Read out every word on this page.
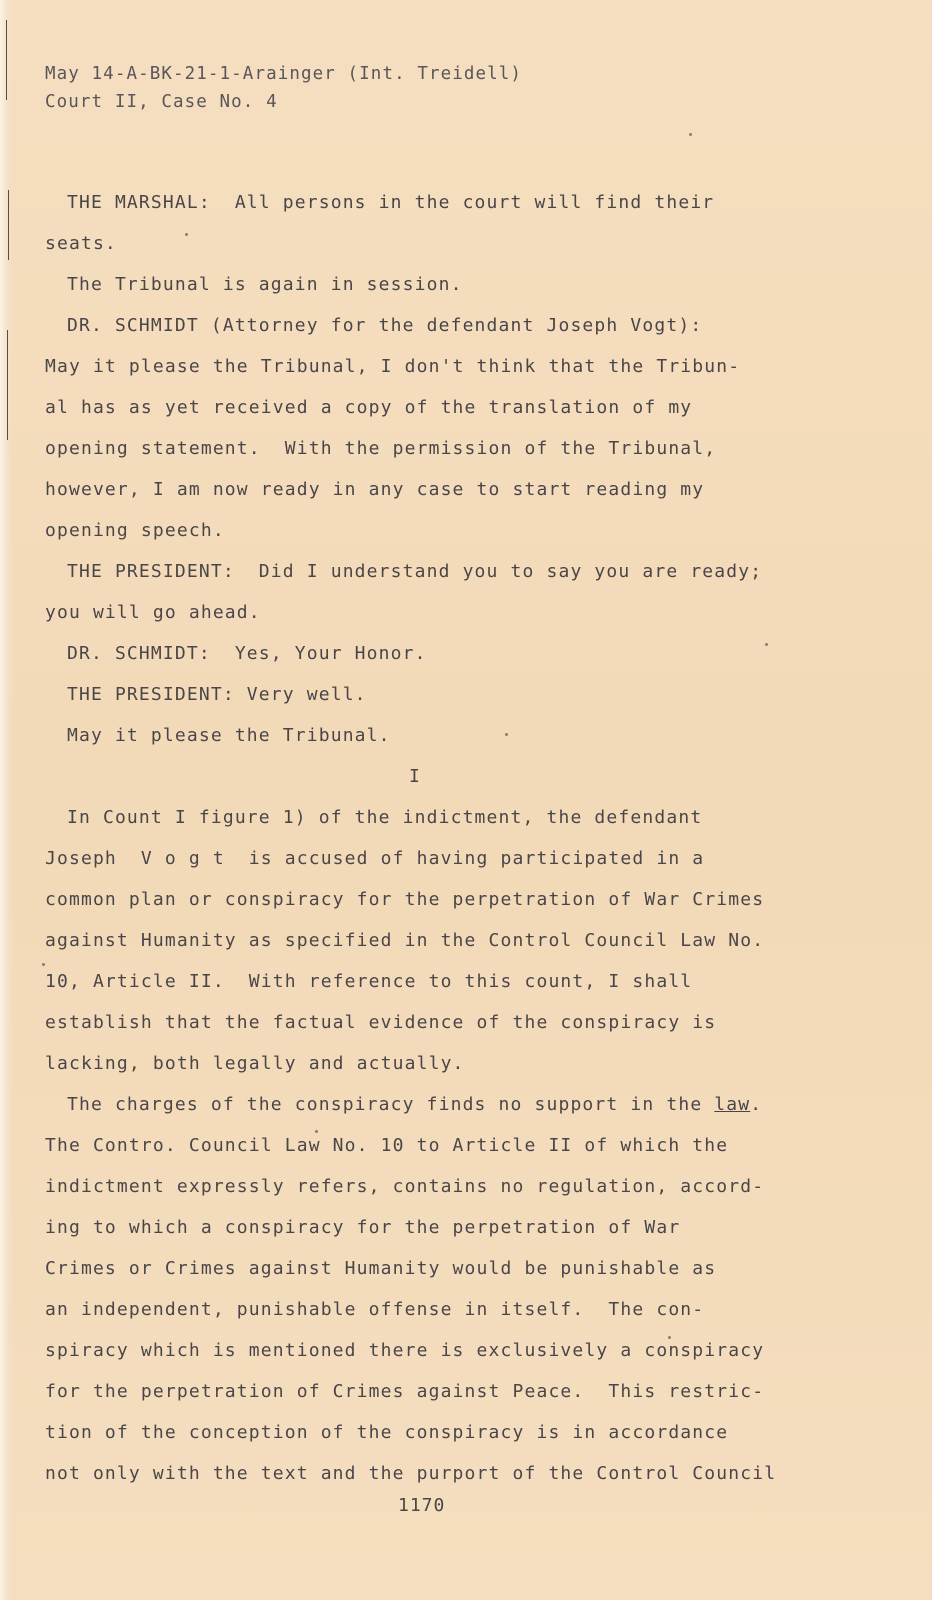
May 14-A-BK-21-1-Arainger (Int. Treidell)
Court II, Case No. 4
THE MARSHAL:  All persons in the court will find their
seats.
The Tribunal is again in session.
DR. SCHMIDT (Attorney for the defendant Joseph Vogt):
May it please the Tribunal, I don't think that the Tribun-
al has as yet received a copy of the translation of my
opening statement.  With the permission of the Tribunal,
however, I am now ready in any case to start reading my
opening speech.
THE PRESIDENT:  Did I understand you to say you are ready;
you will go ahead.
DR. SCHMIDT:  Yes, Your Honor.
THE PRESIDENT: Very well.
May it please the Tribunal.
I
In Count I figure 1) of the indictment, the defendant
Joseph  V o g t  is accused of having participated in a
common plan or conspiracy for the perpetration of War Crimes
against Humanity as specified in the Control Council Law No.
10, Article II.  With reference to this count, I shall
establish that the factual evidence of the conspiracy is
lacking, both legally and actually.
The charges of the conspiracy finds no support in the law.
The Contro. Council Law No. 10 to Article II of which the
indictment expressly refers, contains no regulation, accord-
ing to which a conspiracy for the perpetration of War
Crimes or Crimes against Humanity would be punishable as
an independent, punishable offense in itself.  The con-
spiracy which is mentioned there is exclusively a conspiracy
for the perpetration of Crimes against Peace.  This restric-
tion of the conception of the conspiracy is in accordance
not only with the text and the purport of the Control Council
1170
